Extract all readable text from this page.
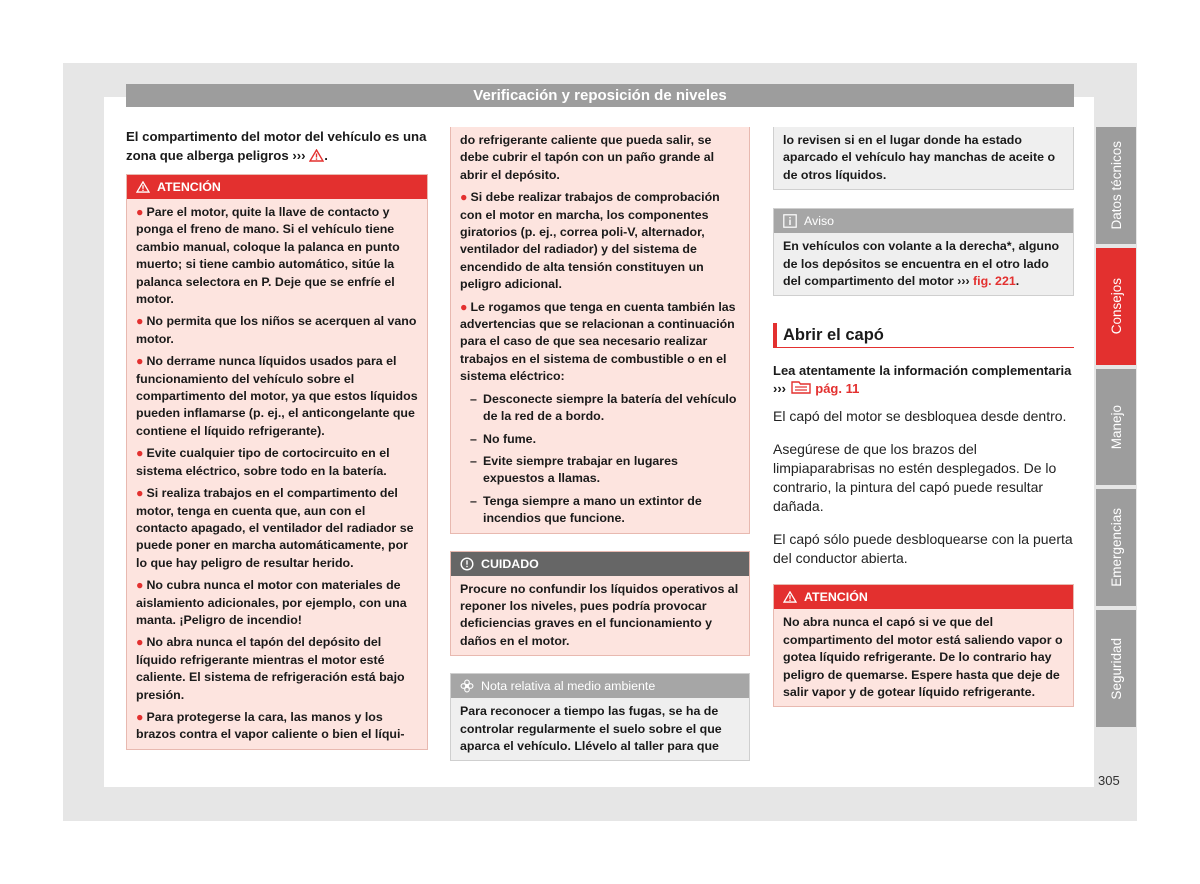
Verificación y reposición de niveles
El compartimento del motor del vehículo es una zona que alberga peligros ››› .
ATENCIÓN

● Pare el motor, quite la llave de contacto y ponga el freno de mano. Si el vehículo tiene cambio manual, coloque la palanca en punto muerto; si tiene cambio automático, sitúe la palanca selectora en P. Deje que se enfríe el motor.

● No permita que los niños se acerquen al vano motor.

● No derrame nunca líquidos usados para el funcionamiento del vehículo sobre el compartimento del motor, ya que estos líquidos pueden inflamarse (p. ej., el anticongelante que contiene el líquido refrigerante).

● Evite cualquier tipo de cortocircuito en el sistema eléctrico, sobre todo en la batería.

● Si realiza trabajos en el compartimento del motor, tenga en cuenta que, aun con el contacto apagado, el ventilador del radiador se puede poner en marcha automáticamente, por lo que hay peligro de resultar herido.

● No cubra nunca el motor con materiales de aislamiento adicionales, por ejemplo, con una manta. ¡Peligro de incendio!

● No abra nunca el tapón del depósito del líquido refrigerante mientras el motor esté caliente. El sistema de refrigeración está bajo presión.

● Para protegerse la cara, las manos y los brazos contra el vapor caliente o bien el líqui-

do refrigerante caliente que pueda salir, se debe cubrir el tapón con un paño grande al abrir el depósito.

● Si debe realizar trabajos de comprobación con el motor en marcha, los componentes giratorios (p. ej., correa poli-V, alternador, ventilador del radiador) y del sistema de encendido de alta tensión constituyen un peligro adicional.

● Le rogamos que tenga en cuenta también las advertencias que se relacionan a continuación para el caso de que sea necesario realizar trabajos en el sistema de combustible o en el sistema eléctrico:

– Desconecte siempre la batería del vehículo de la red de a bordo.

– No fume.

– Evite siempre trabajar en lugares expuestos a llamas.

– Tenga siempre a mano un extintor de incendios que funcione.

CUIDADO

Procure no confundir los líquidos operativos al reponer los niveles, pues podría provocar deficiencias graves en el funcionamiento y daños en el motor.

Nota relativa al medio ambiente

Para reconocer a tiempo las fugas, se ha de controlar regularmente el suelo sobre el que aparca el vehículo. Llévelo al taller para que

lo revisen si en el lugar donde ha estado aparcado el vehículo hay manchas de aceite o de otros líquidos.

Aviso

En vehículos con volante a la derecha*, alguno de los depósitos se encuentra en el otro lado del compartimento del motor ››› fig. 221.

Abrir el capó
Lea atentamente la información complementaria ››› pág. 11

El capó del motor se desbloquea desde dentro.

Asegúrese de que los brazos del limpiaparabrisas no estén desplegados. De lo contrario, la pintura del capó puede resultar dañada.

El capó sólo puede desbloquearse con la puerta del conductor abierta.

ATENCIÓN

No abra nunca el capó si ve que del compartimento del motor está saliendo vapor o gotea líquido refrigerante. De lo contrario hay peligro de quemarse. Espere hasta que deje de salir vapor y de gotear líquido refrigerante.

Datos técnicos
Consejos
Manejo
Emergencias
Seguridad
305
